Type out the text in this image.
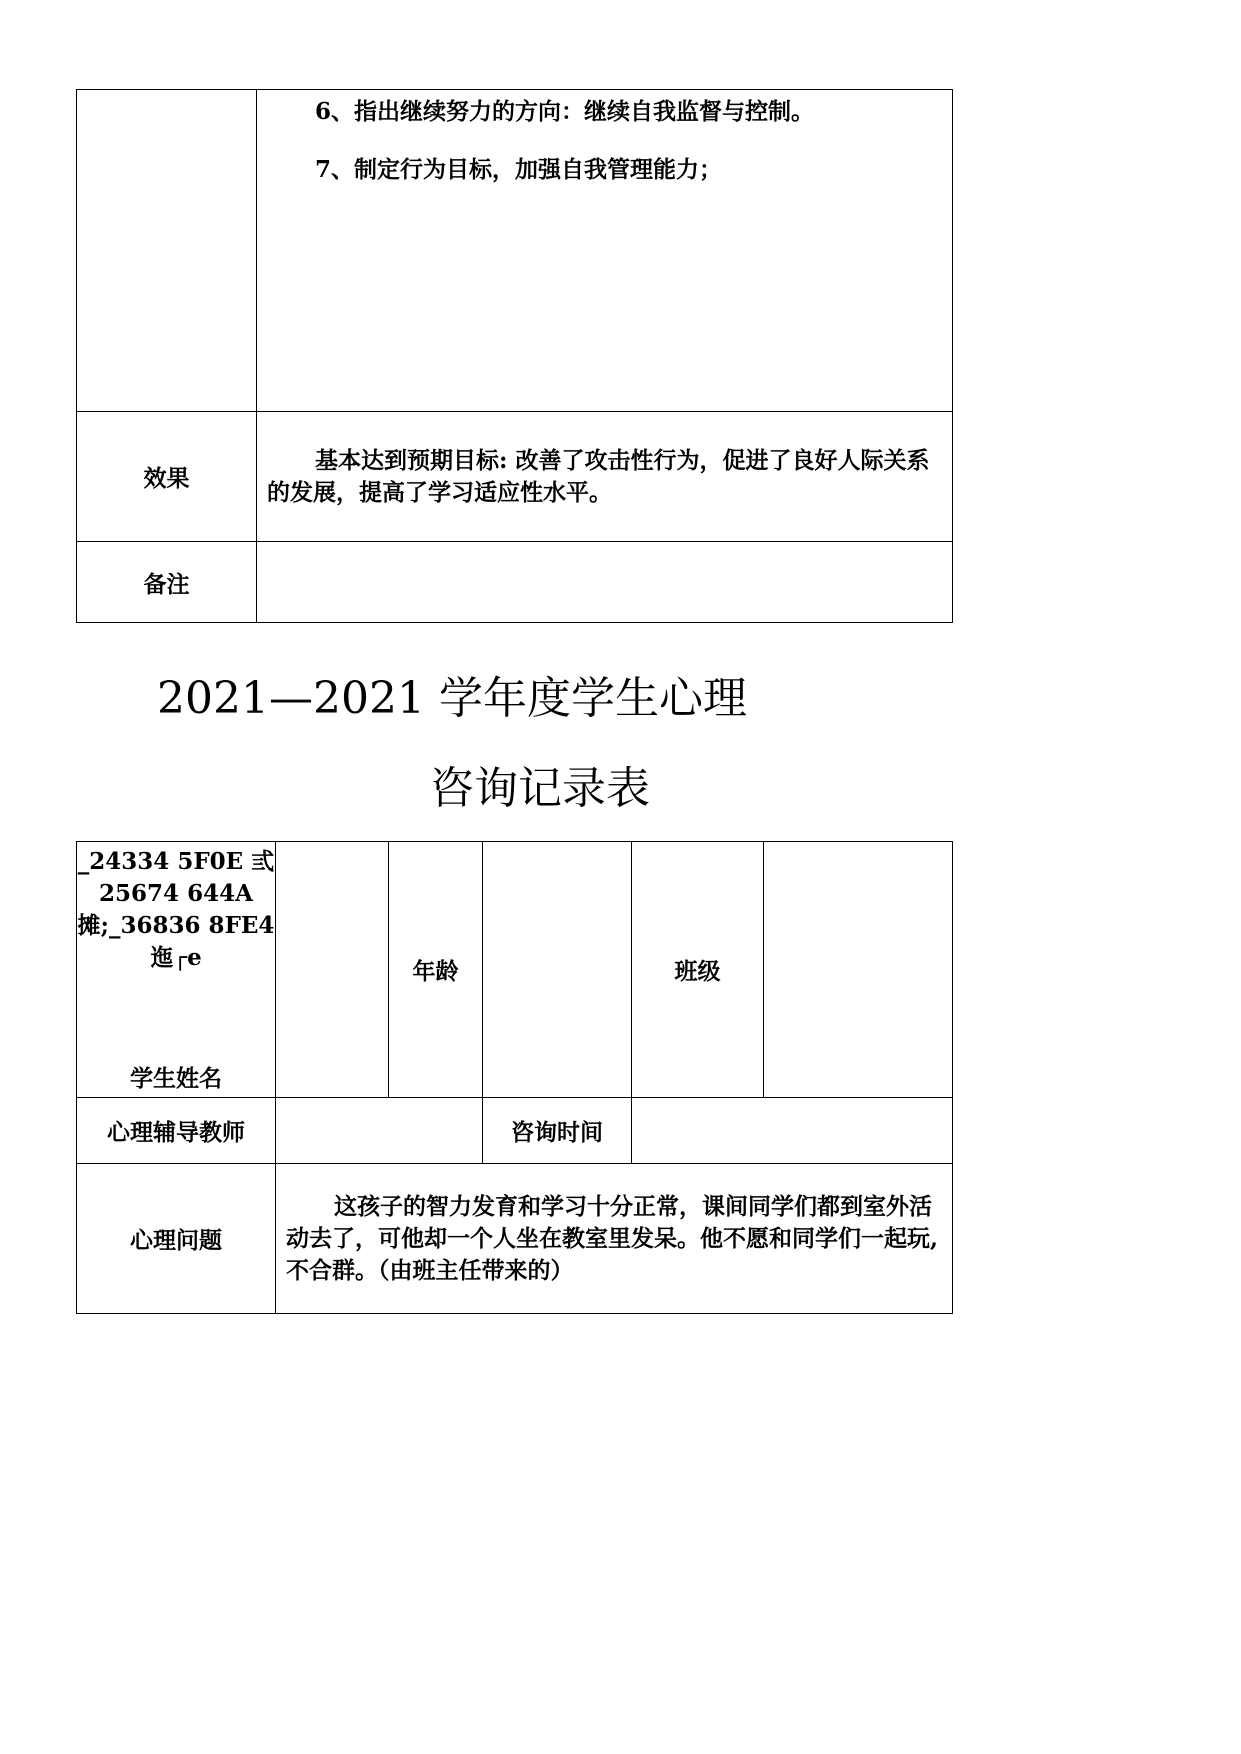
	6、指出继续努力的方向：继续自我监督与控制。

7、制定行为目标，加强自我管理能力；

效果	基本达到预期目标: 改善了攻击性行为，促进了良好人际关系的发展，提高了学习适应性水平。

备注	
2021—2021 学年度学生心理
咨询记录表
_24334 5F0E 弎
25674 644A
摊;_36836 8FE4
迤┌e
学生姓名		年龄		班级	
心理辅导教师			咨询时间		
心理问题	这孩子的智力发育和学习十分正常，课间同学们都到室外活动去了，可他却一个人坐在教室里发呆。他不愿和同学们一起玩, 不合群。（由班主任带来的）				
